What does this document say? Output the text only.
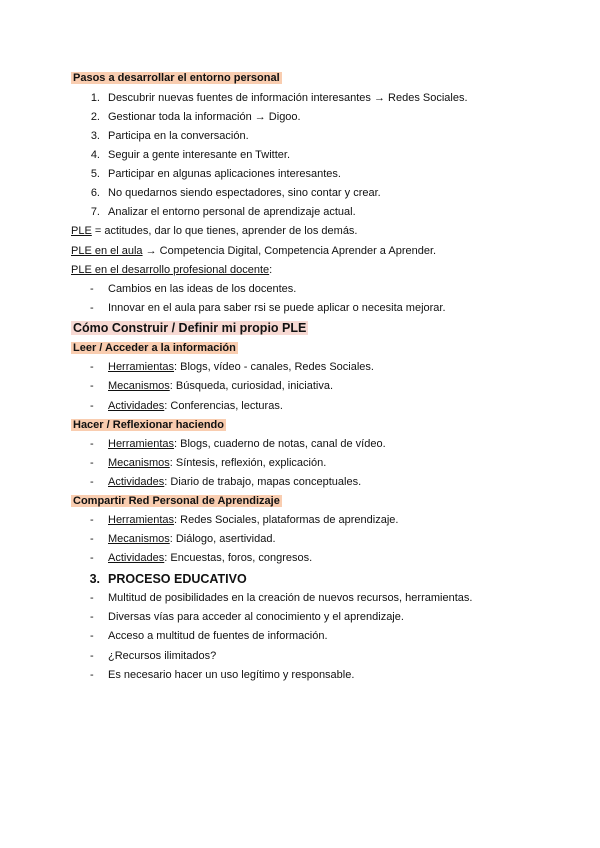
Pasos a desarrollar el entorno personal
1. Descubrir nuevas fuentes de información interesantes → Redes Sociales.
2. Gestionar toda la información → Digoo.
3. Participa en la conversación.
4. Seguir a gente interesante en Twitter.
5. Participar en algunas aplicaciones interesantes.
6. No quedarnos siendo espectadores, sino contar y crear.
7. Analizar el entorno personal de aprendizaje actual.
PLE = actitudes, dar lo que tienes, aprender de los demás.
PLE en el aula → Competencia Digital, Competencia Aprender a Aprender.
PLE en el desarrollo profesional docente:
- Cambios en las ideas de los docentes.
- Innovar en el aula para saber rsi se puede aplicar o necesita mejorar.
Cómo Construir / Definir mi propio PLE
Leer / Acceder a la información
- Herramientas: Blogs, vídeo - canales, Redes Sociales.
- Mecanismos: Búsqueda, curiosidad, iniciativa.
- Actividades: Conferencias, lecturas.
Hacer / Reflexionar haciendo
- Herramientas: Blogs, cuaderno de notas, canal de vídeo.
- Mecanismos: Síntesis, reflexión, explicación.
- Actividades: Diario de trabajo, mapas conceptuales.
Compartir Red Personal de Aprendizaje
- Herramientas: Redes Sociales, plataformas de aprendizaje.
- Mecanismos: Diálogo, asertividad.
- Actividades: Encuestas, foros, congresos.
3. PROCESO EDUCATIVO
- Multitud de posibilidades en la creación de nuevos recursos, herramientas.
- Diversas vías para acceder al conocimiento y el aprendizaje.
- Acceso a multitud de fuentes de información.
- ¿Recursos ilimitados?
- Es necesario hacer un uso legítimo y responsable.
